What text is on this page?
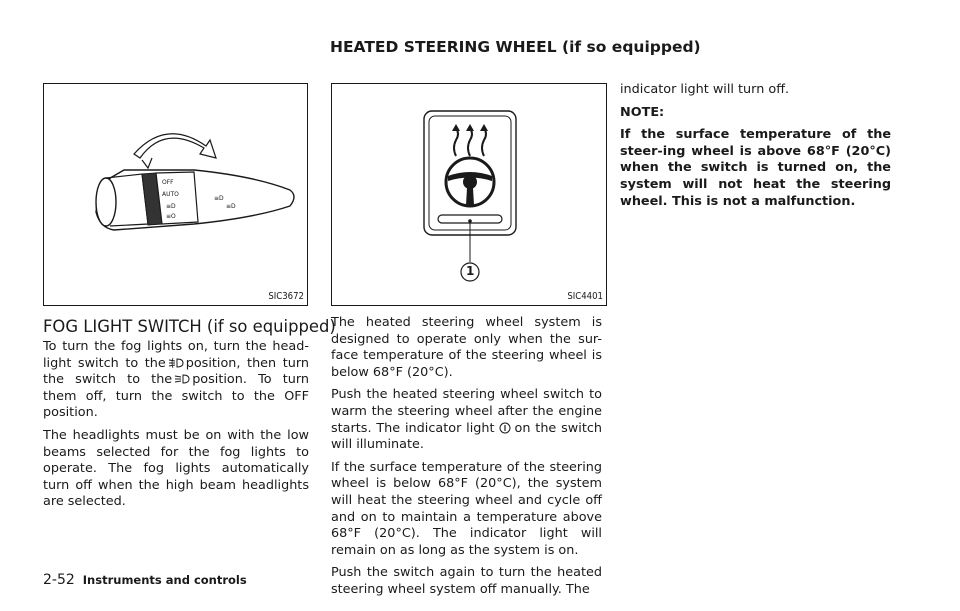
HEATED STEERING WHEEL (if so equipped)
OFF
AUTO
≡D
≡O
≡D
≡D
SIC3672
1
SIC4401
FOG LIGHT SWITCH (if so equipped)

To turn the fog lights on, turn the head-light switch to the position, then turn the switch to the position. To turn them off, turn the switch to the OFF position.

The headlights must be on with the low beams selected for the fog lights to operate. The fog lights automatically turn off when the high beam headlights are selected.

The heated steering wheel system is designed to operate only when the sur-face temperature of the steering wheel is below 68°F (20°C).

Push the heated steering wheel switch to warm the steering wheel after the engine starts. The indicator light on the switch will illuminate.

If the surface temperature of the steering wheel is below 68°F (20°C), the system will heat the steering wheel and cycle off and on to maintain a temperature above 68°F (20°C). The indicator light will remain on as long as the system is on.

Push the switch again to turn the heated steering wheel system off manually. The

indicator light will turn off.

NOTE:

If the surface temperature of the steer-ing wheel is above 68°F (20°C) when the switch is turned on, the system will not heat the steering wheel. This is not a malfunction.

2-52 Instruments and controls
